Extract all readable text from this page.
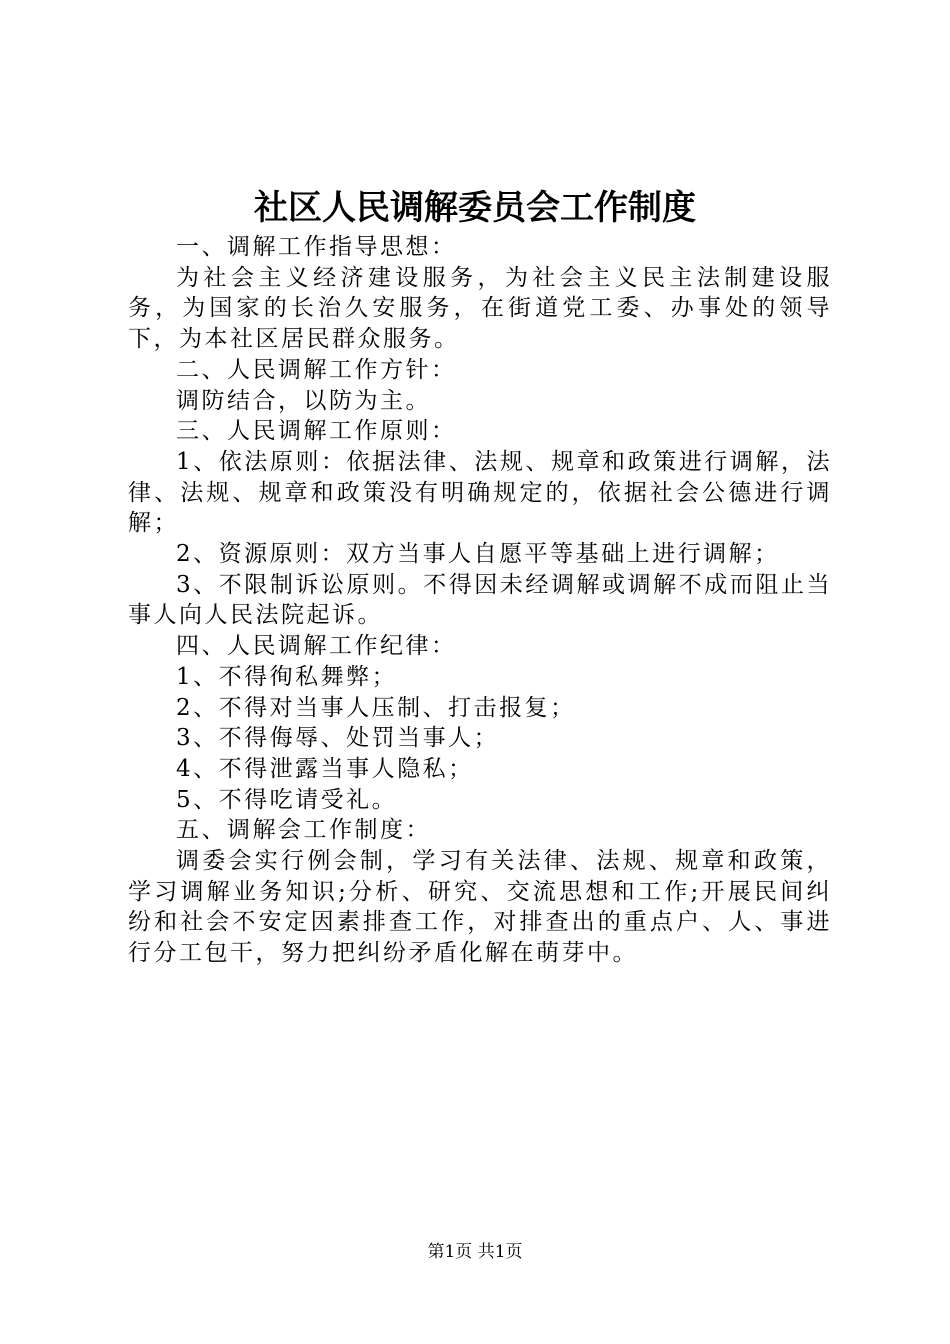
社区人民调解委员会工作制度

一、调解工作指导思想：

为社会主义经济建设服务，为社会主义民主法制建设服务，为国家的长治久安服务，在街道党工委、办事处的领导下，为本社区居民群众服务。

二、人民调解工作方针：

调防结合，以防为主。

三、人民调解工作原则：

1、依法原则：依据法律、法规、规章和政策进行调解，法律、法规、规章和政策没有明确规定的，依据社会公德进行调解；

2、资源原则：双方当事人自愿平等基础上进行调解；

3、不限制诉讼原则。不得因未经调解或调解不成而阻止当事人向人民法院起诉。

四、人民调解工作纪律：

1、不得徇私舞弊；

2、不得对当事人压制、打击报复；

3、不得侮辱、处罚当事人；

4、不得泄露当事人隐私；

5、不得吃请受礼。

五、调解会工作制度：

调委会实行例会制，学习有关法律、法规、规章和政策，学习调解业务知识;分析、研究、交流思想和工作;开展民间纠纷和社会不安定因素排查工作，对排查出的重点户、人、事进行分工包干，努力把纠纷矛盾化解在萌芽中。

第1页 共1页
